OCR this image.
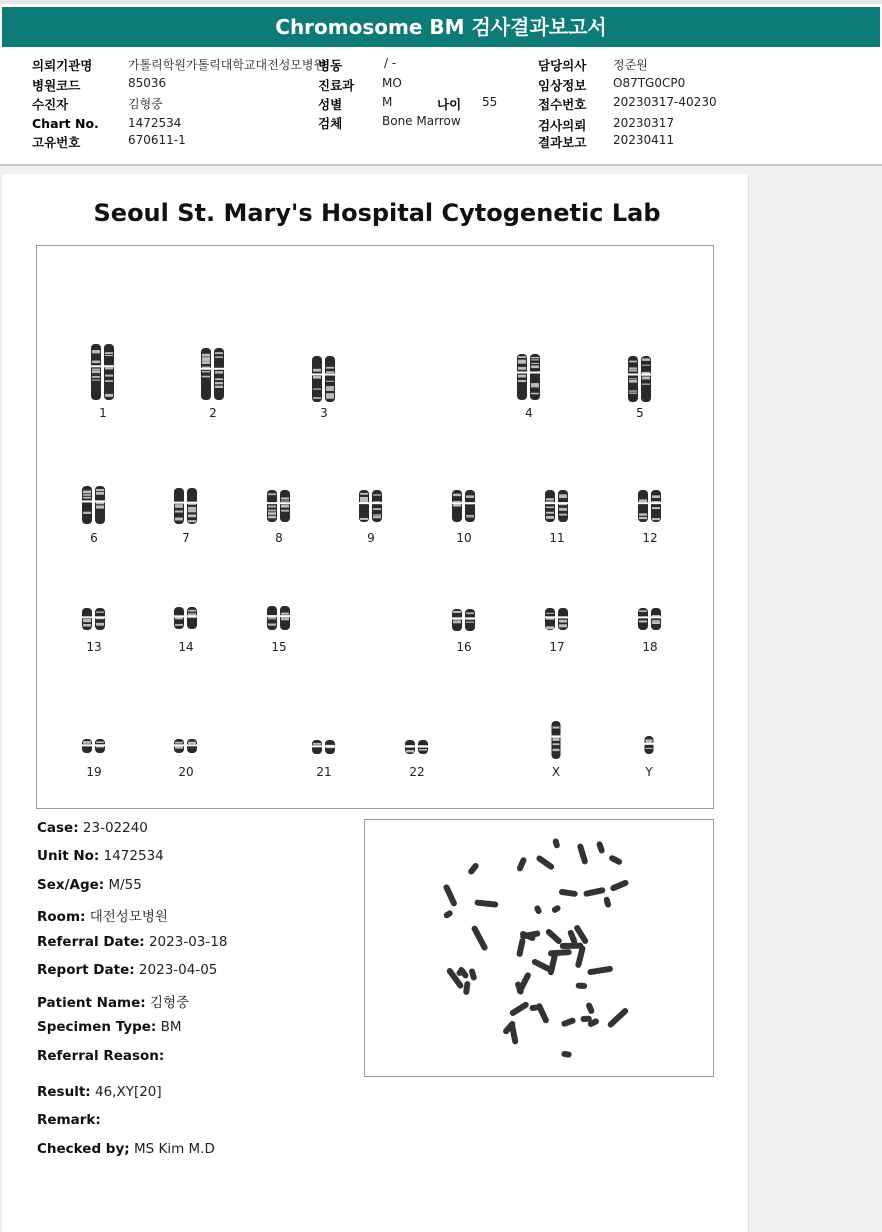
Chromosome BM 검사결과보고서
의뢰기관명	가톨릭학원가톨릭대학교대전성모병원
병원코드	85036
수진자	김형중
Chart No. 1472534
고유번호	670611-1
병동	/ -
진료과 MO
성별	M	나이 55
검체	Bone Marrow
담당의사 정준원
임상정보 O87TG0CP0
접수번호 20230317-40230
검사의뢰 20230317
결과보고 20230411
Seoul St. Mary's Hospital Cytogenetic Lab
1	2	3	4	5
6	7	8	9	10	11	12
13	14	15	16	17	18
19	20	21	22	X	Y
Case: 23-02240
Unit No: 1472534
Sex/Age: M/55
Room: 대전성모병원
Referral Date: 2023-03-18
Report Date: 2023-04-05
Patient Name: 김형중
Specimen Type: BM
Referral Reason:
Result: 46,XY[20]
Remark:
Checked by; MS Kim M.D
